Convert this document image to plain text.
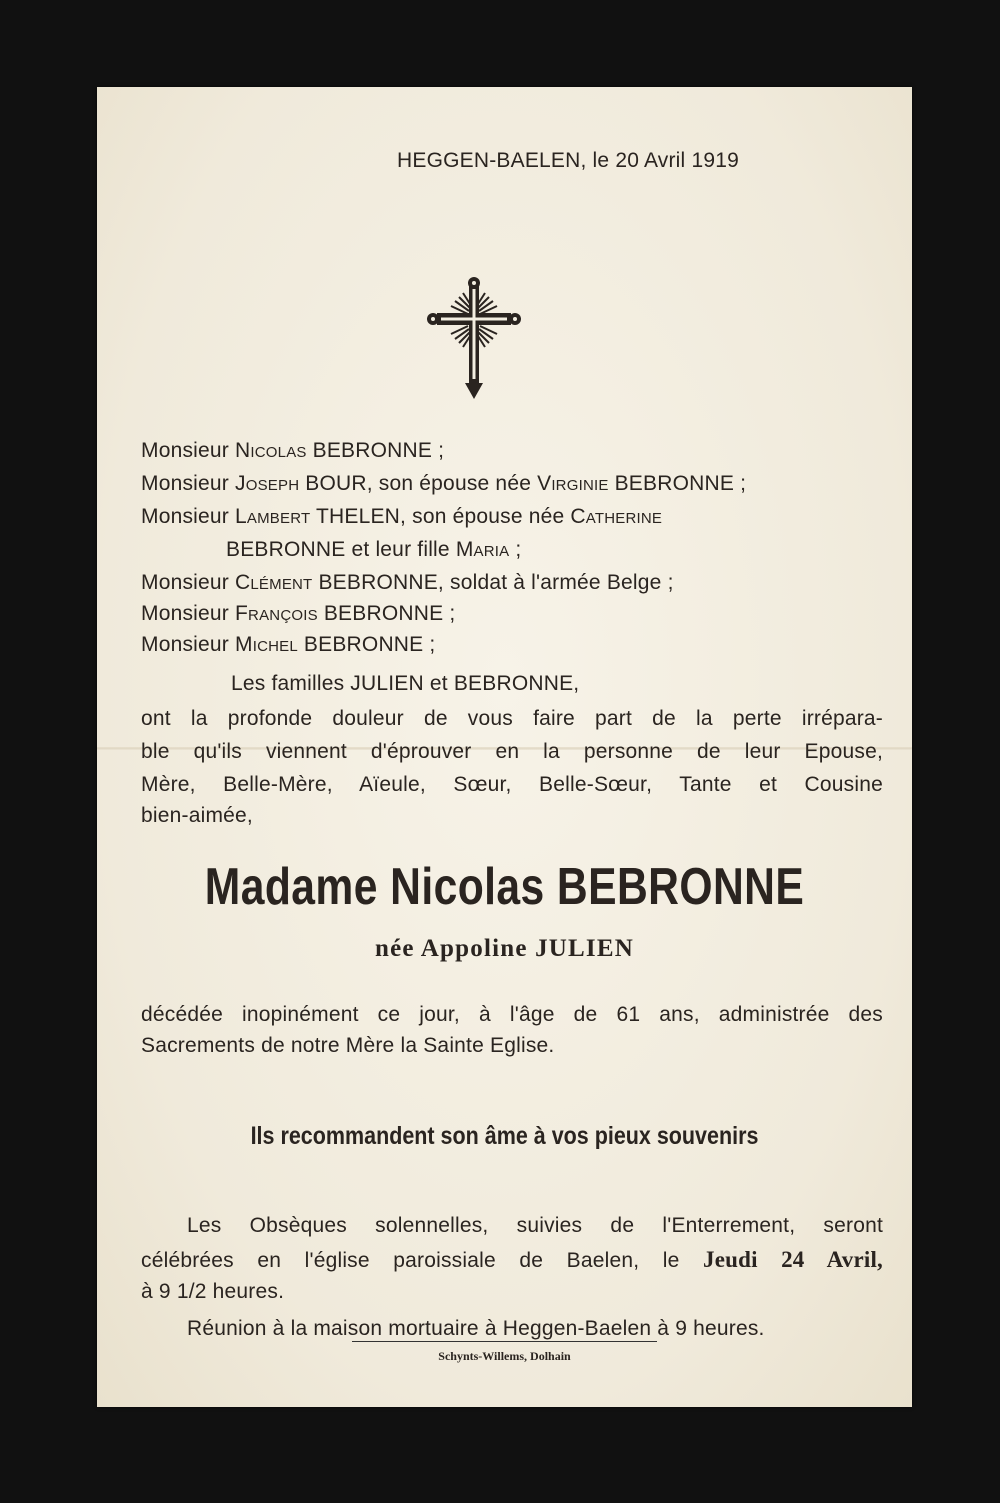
HEGGEN-BAELEN, le 20 Avril 1919
Monsieur Nicolas BEBRONNE ;
Monsieur Joseph BOUR, son épouse née Virginie BEBRONNE ;
Monsieur Lambert THELEN, son épouse née Catherine
BEBRONNE et leur fille Maria ;
Monsieur Clément BEBRONNE, soldat à l'armée Belge ;
Monsieur François BEBRONNE ;
Monsieur Michel BEBRONNE ;
Les familles JULIEN et BEBRONNE,
ont la profonde douleur de vous faire part de la perte irrépara-
ble qu'ils viennent d'éprouver en la personne de leur Epouse,
Mère, Belle-Mère, Aïeule, Sœur, Belle-Sœur, Tante et Cousine
bien-aimée,
Madame Nicolas BEBRONNE
née Appoline JULIEN
décédée inopinément ce jour, à l'âge de 61 ans, administrée des
Sacrements de notre Mère la Sainte Eglise.
Ils recommandent son âme à vos pieux souvenirs
Les Obsèques solennelles, suivies de l'Enterrement, seront
célébrées en l'église paroissiale de Baelen, le Jeudi 24 Avril,
à 9 1/2 heures.
Réunion à la maison mortuaire à Heggen-Baelen à 9 heures.
Schynts-Willems, Dolhain
